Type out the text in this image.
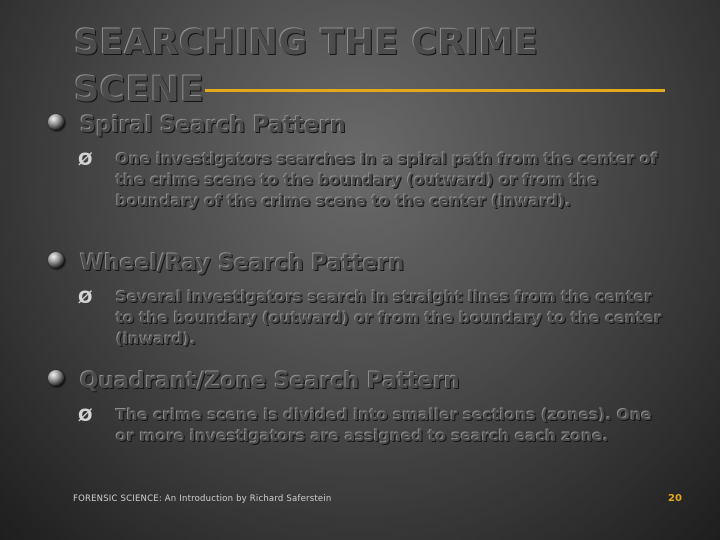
SEARCHING THE CRIME SCENE
Spiral Search Pattern
Ø One investigators searches in a spiral path from the center of the crime scene to the boundary (outward) or from the boundary of the crime scene to the center (inward).

Wheel/Ray Search Pattern
Ø Several investigators search in straight lines from the center to the boundary (outward) or from the boundary to the center (inward).

Quadrant/Zone Search Pattern
Ø The crime scene is divided into smaller sections (zones). One or more investigators are assigned to search each zone.

FORENSIC SCIENCE: An Introduction by Richard Saferstein	20
